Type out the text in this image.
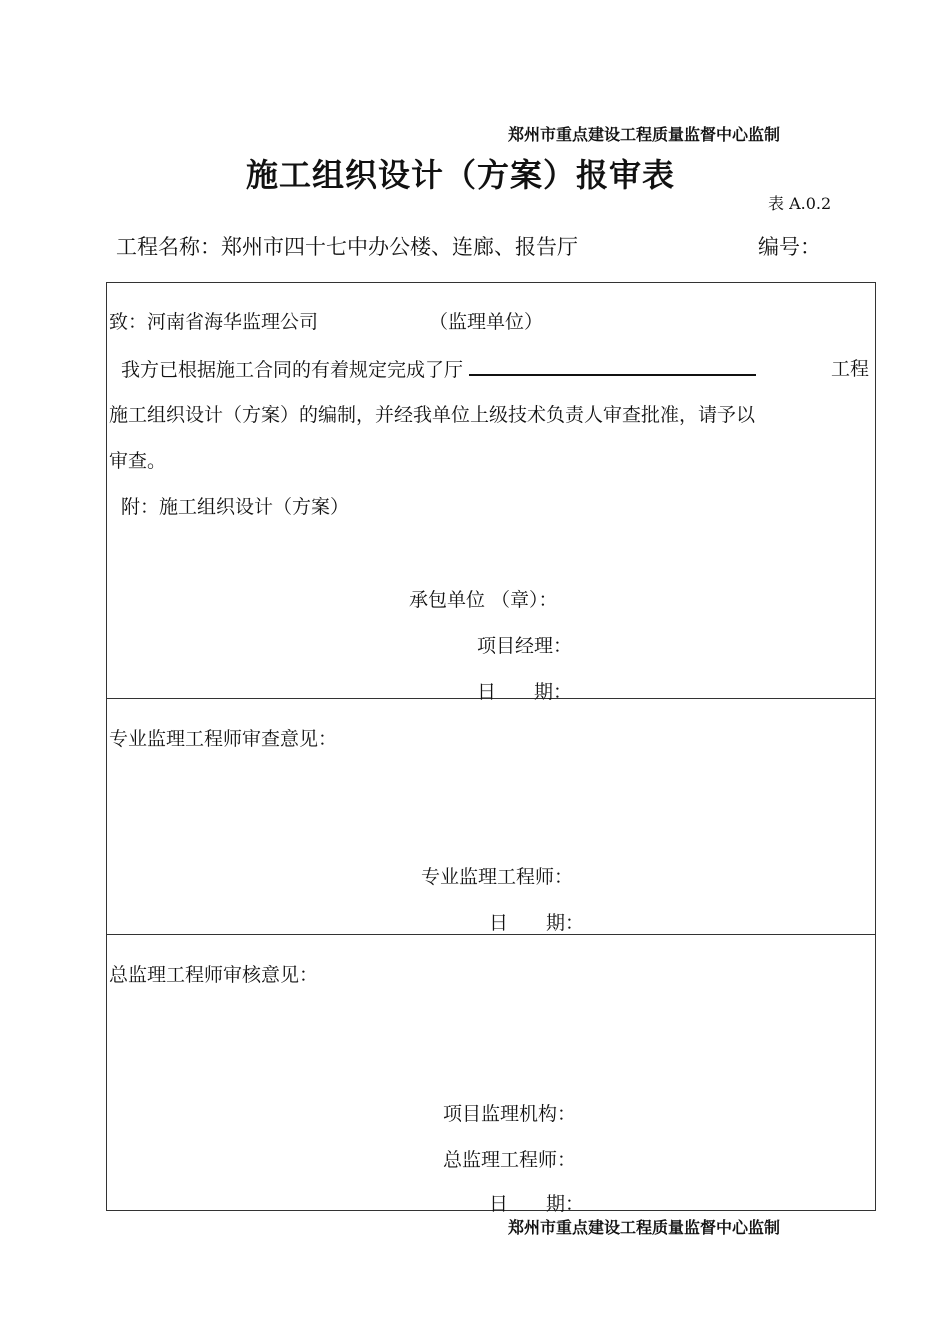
郑州市重点建设工程质量监督中心监制
施工组织设计（方案）报审表
表 A.0.2
工程名称：郑州市四十七中办公楼、连廊、报告厅	编号：
致：河南省海华监理公司	（监理单位）
我方已根据施工合同的有着规定完成了厅	工程
施工组织设计（方案）的编制，并经我单位上级技术负责人审查批准，请予以
审查。
附：施工组织设计（方案）
承包单位 （章）：
项目经理：
日　　期：
专业监理工程师审查意见：
专业监理工程师：
日　　期：
总监理工程师审核意见：
项目监理机构：
总监理工程师：
日　　期：
郑州市重点建设工程质量监督中心监制
